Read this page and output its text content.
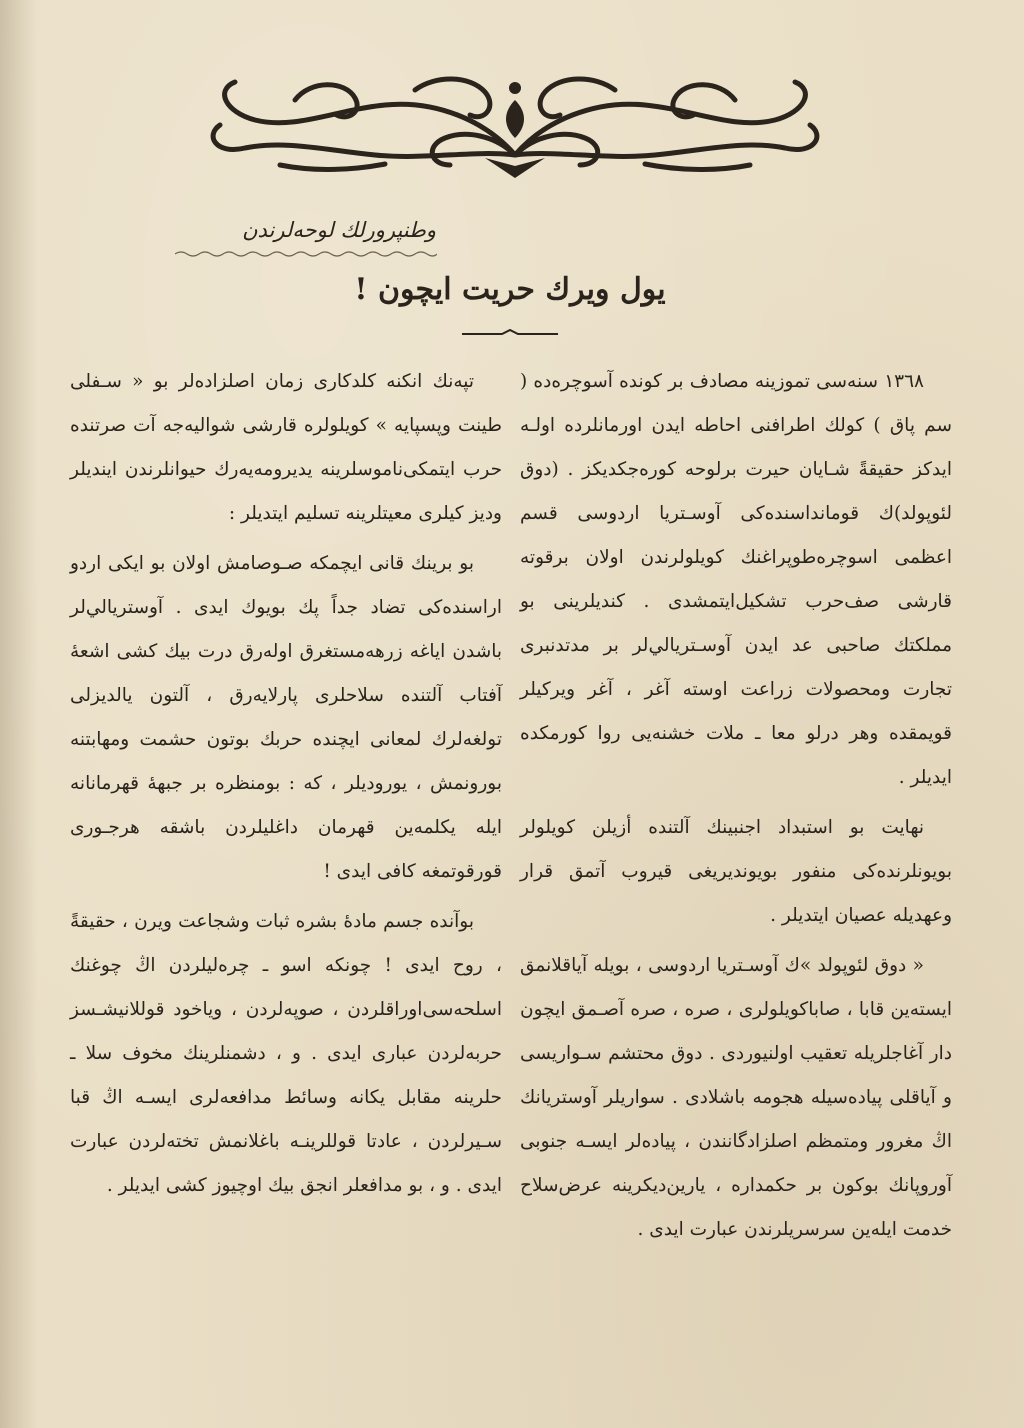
وطنپرورلك لوحه‌لرندن
يول ويرك حريت ايچون !

١٣٦٨ سنه‌سى تموزينه مصادف بر كونده آسوچره‌ده ( سم پاق ) كولك اطرافنى احاطه ايدن اورمانلرده اولـه ايدكز حقيقةً شـايان حيرت برلوحه كوره‌جكديكز . (دوق لئوپولد)ك قوماندا‌سنده‌كى آوسـتريا اردوسى قسم اعظمى اسوچره‌طوپراغنك كويلولرندن اولان برقوته قارشى صف‌حرب تشكيل‌ايتمشدى . كنديلرينى بو مملكتك صاحبى عد ايدن آوسـتريالي‌لر بر مدتدنبرى تجارت ومحصولات زراعت اوسته آغر ، آغر ويركيلر قويمقده وهر درلو معا ـ ملات خشنه‌يى روا كورمكده ايديلر .

نهايت بو استبداد اجنبينك آلتنده أزيلن كويلولر بويونلرنده‌كى منفور بويونديريغى قيروب آتمق قرار وعهديله عصيان ايتديلر .

« دوق لئوپولد »ك آوسـتريا اردوسى ، بويله آياقلانمق ايسته‌ين قابا ، صاباكويلولرى ، صره ، صره آصـمق ايچون دار آغاجلريله تعقيب اولنيوردى . دوق محتشم سـواريسى و آياقلى پياده‌سيله هجومه باشلادى . سواريلر آوستريانك اڭ مغرور ومتمظم اصلزادگانندن ، پياده‌لر ايسـه جنوبى آوروپانك بوكون بر حكمداره ، يارين‌ديكرينه عرض‌سلاح خدمت ايله‌ين سرسريلرندن عبارت ايدى .

تپه‌نك انكنه كلدكارى زمان اصلزاده‌لر بو « سـفلى طينت وپسپايه » كويلولره قارشى شواليه‌جه آت صرتنده حرب ايتمكى‌ناموسلرينه يديرومه‌يه‌رك حيوانلرندن اينديلر وديز كيلرى معيتلرينه تسليم ايتديلر :

بو برينك قانى ايچمكه صـوصامش اولان بو ايكى اردو اراسنده‌كى تضاد جداً پك بويوك ايدى . آوستريالي‌لر باشدن اياغه زرهه‌مستغرق اوله‌رق درت بيك كشى اشعهٔ آفتاب آلتنده سلاحلرى پارلايه‌رق ، آلتون يالديزلى تولغه‌لرك لمعانى ايچنده حربك بوتون حشمت ومهابتنه بورونمش ، يوروديلر ، كه : بومنظره بر جبههٔ قهرمانانه ايله يكلمه‌ين قهرمان داغليلردن باشقه هرجـورى قورقوتمغه كافى ايدى !

بوآنده جسم مادهٔ بشره ثبات وشجاعت ويرن ، حقيقةً ، روح ايدى ! چونكه اسو ـ چره‌ليلردن اڭ چوغنك اسلحه‌سى‌اورا‌قلردن ، صوپه‌لردن ، ويا‌خود قوللانيشـسز حربه‌لردن عبارى ايدى . و ، دشمنلرينك مخوف سلا ـ حلرينه مقابل يكانه وسائط مدافعه‌لرى ايسـه اڭ قبا سـيرلردن ، عادتا قوللرينـه باغلانمش تخته‌لردن عبارت ايدى . و ، بو مدافعلر انجق بيك اوچيوز كشى ايديلر .
